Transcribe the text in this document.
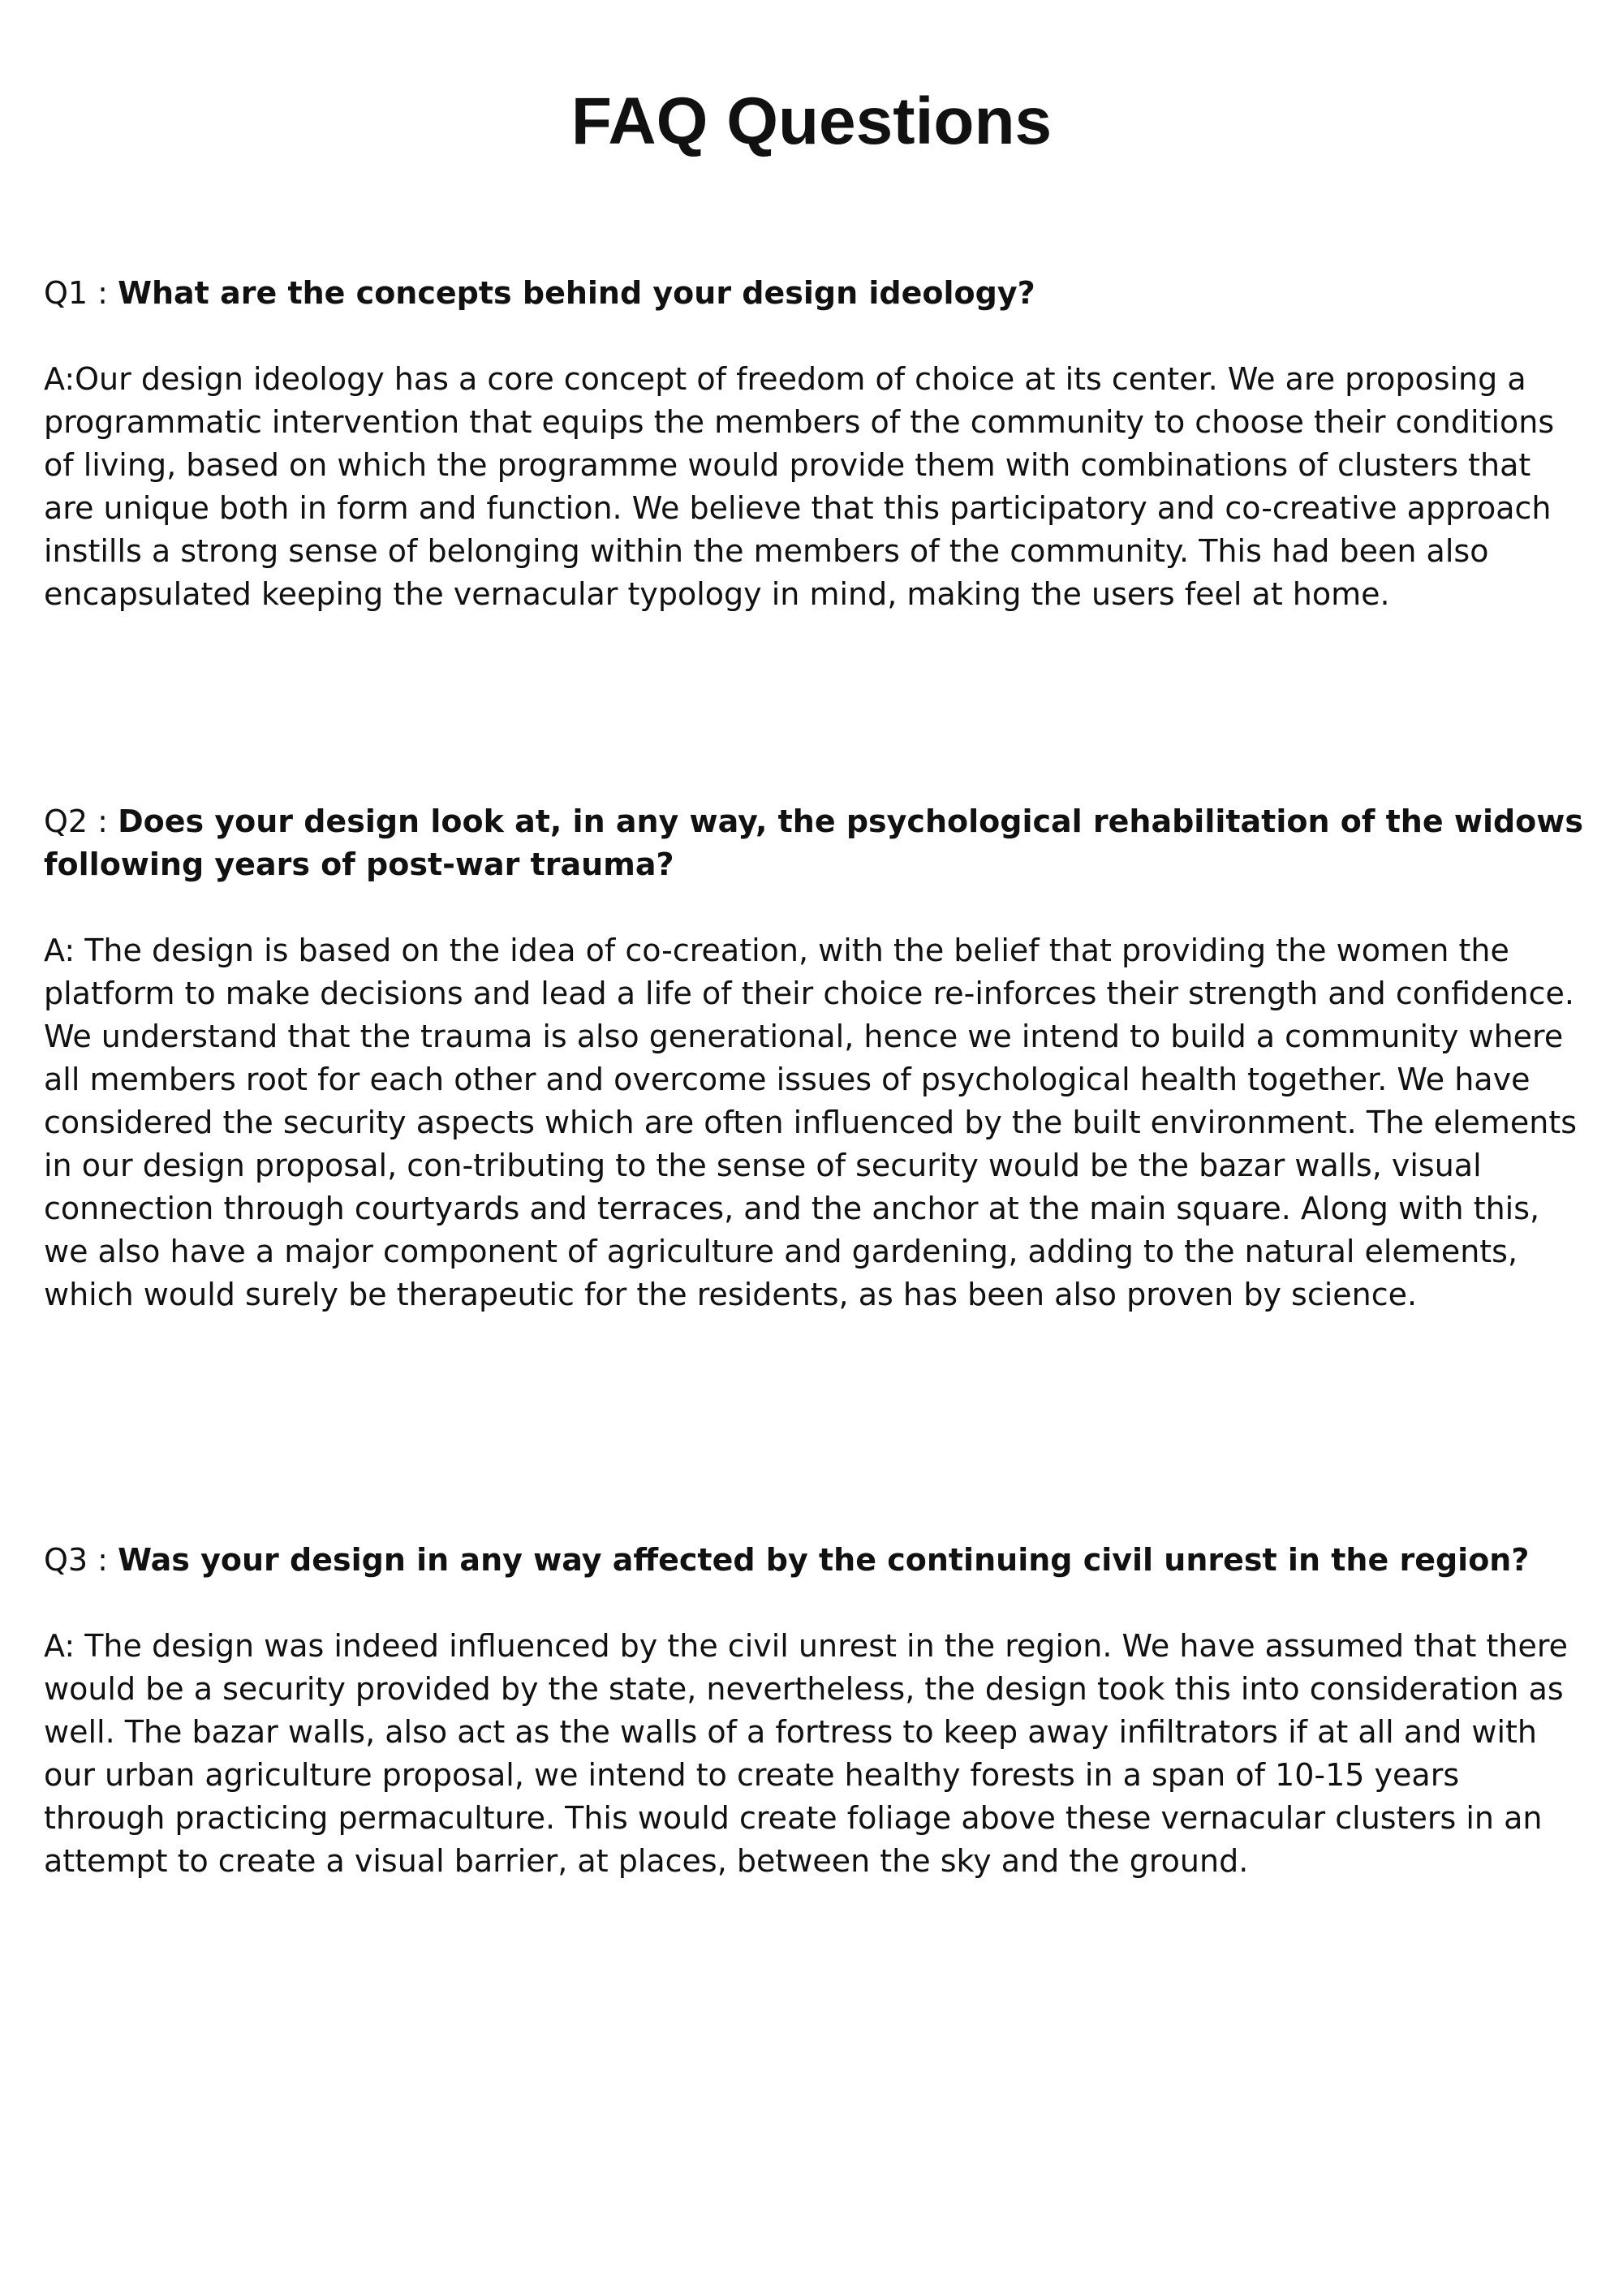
FAQ Questions

Q1 : What are the concepts behind your design ideology?

A:Our design ideology has a core concept of freedom of choice at its center. We are proposing a programmatic intervention that equips the members of the community to choose their conditions of living, based on which the programme would provide them with combinations of clusters that are unique both in form and function. We believe that this participatory and co-creative approach instills a strong sense of belonging within the members of the community. This had been also encapsulated keeping the vernacular typology in mind, making the users feel at home.

Q2 : Does your design look at, in any way, the psychological rehabilitation of the widows following years of post-war trauma?

A: The design is based on the idea of co-creation, with the belief that providing the women the platform to make decisions and lead a life of their choice re-inforces their strength and confidence. We understand that the trauma is also generational, hence we intend to build a community where all members root for each other and overcome issues of psychological health together. We have considered the security aspects which are often influenced by the built environment. The elements in our design proposal, con-tributing to the sense of security would be the bazar walls, visual connection through courtyards and terraces, and the anchor at the main square. Along with this, we also have a major component of agriculture and gardening, adding to the natural elements, which would surely be therapeutic for the residents, as has been also proven by science.

Q3 : Was your design in any way affected by the continuing civil unrest in the region?

A: The design was indeed influenced by the civil unrest in the region. We have assumed that there would be a security provided by the state, nevertheless, the design took this into consideration as well. The bazar walls, also act as the walls of a fortress to keep away infiltrators if at all and with our urban agriculture proposal, we intend to create healthy forests in a span of 10-15 years through practicing permaculture. This would create foliage above these vernacular clusters in an attempt to create a visual barrier, at places, between the sky and the ground.
